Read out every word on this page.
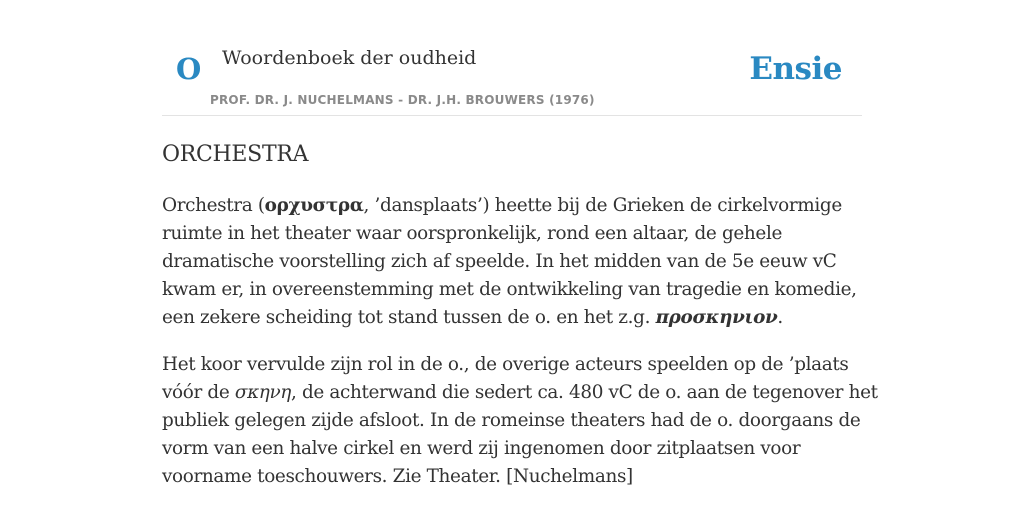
O Woordenboek der oudheid
PROF. DR. J. NUCHELMANS - DR. J.H. BROUWERS (1976)
Ensie
ORCHESTRA

Orchestra (ορχυστρα, ’dansplaats’) heette bij de Grieken de cirkelvormige ruimte in het theater waar oorspronkelijk, rond een altaar, de gehele dramatische voorstelling zich af speelde. In het midden van de 5e eeuw vC kwam er, in overeenstemming met de ontwikkeling van tragedie en komedie, een zekere scheiding tot stand tussen de o. en het z.g. προσκηνιον.

Het koor vervulde zijn rol in de o., de overige acteurs speelden op de ’plaats vóór de σκηνη, de achterwand die sedert ca. 480 vC de o. aan de tegenover het publiek gelegen zijde afsloot. In de romeinse theaters had de o. doorgaans de vorm van een halve cirkel en werd zij ingenomen door zitplaatsen voor voorname toeschouwers. Zie Theater. [Nuchelmans]
